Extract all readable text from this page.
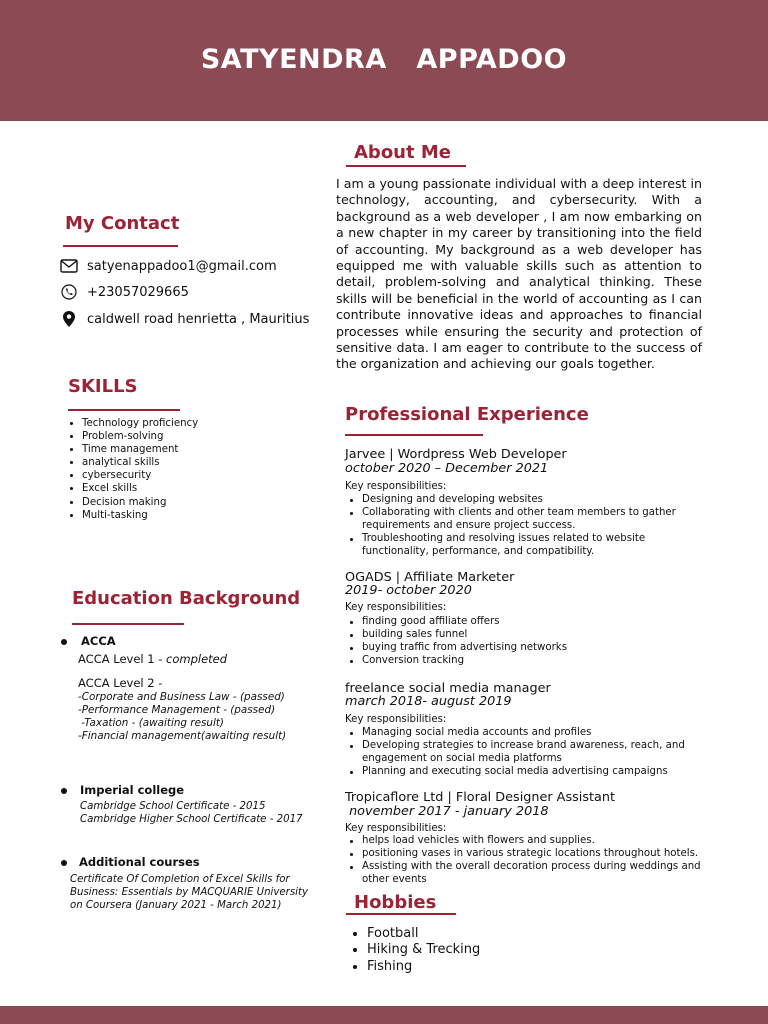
SATYENDRA   APPADOO
About Me
I am a young passionate individual with a deep interest in technology, accounting, and cybersecurity. With a background as a web developer , I am now embarking on a new chapter in my career by transitioning into the field of accounting. My background as a web developer has equipped me with valuable skills such as attention to detail, problem-solving and analytical thinking. These skills will be beneficial in the world of accounting as I can contribute innovative ideas and approaches to financial processes while ensuring the security and protection of sensitive data. I am eager to contribute to the success of the organization and achieving our goals together.
My Contact
satyenappadoo1@gmail.com
+23057029665
caldwell road henrietta , Mauritius
SKILLS
Technology proficiency
Problem-solving
Time management
analytical skills
cybersecurity
Excel skills
Decision making
Multi-tasking
Education Background
ACCA
ACCA Level 1 - completed
ACCA Level 2 -
-Corporate and Business Law - (passed)
-Performance Management - (passed)
-Taxation - (awaiting result)
-Financial management(awaiting result)
Imperial college
Cambridge School Certificate - 2015
Cambridge Higher School Certificate - 2017
Additional courses
Certificate Of Completion of Excel Skills for
Business: Essentials by MACQUARIE University
on Coursera (January 2021 - March 2021)
Professional Experience
Jarvee | Wordpress Web Developer
october 2020 – December 2021
Key responsibilities:
Designing and developing websites
Collaborating with clients and other team members to gather requirements and ensure project success.
Troubleshooting and resolving issues related to website functionality, performance, and compatibility.
OGADS | Affiliate Marketer
2019- october 2020
Key responsibilities:
finding good affiliate offers
building sales funnel
buying traffic from advertising networks
Conversion tracking
freelance social media manager
march 2018- august 2019
Key responsibilities:
Managing social media accounts and profiles
Developing strategies to increase brand awareness, reach, and engagement on social media platforms
Planning and executing social media advertising campaigns
Tropicaflore Ltd | Floral Designer Assistant
november 2017 - january 2018
Key responsibilities:
helps load vehicles with flowers and supplies.
positioning vases in various strategic locations throughout hotels.
Assisting with the overall decoration process during weddings and other events
Hobbies
Football
Hiking & Trecking
Fishing
